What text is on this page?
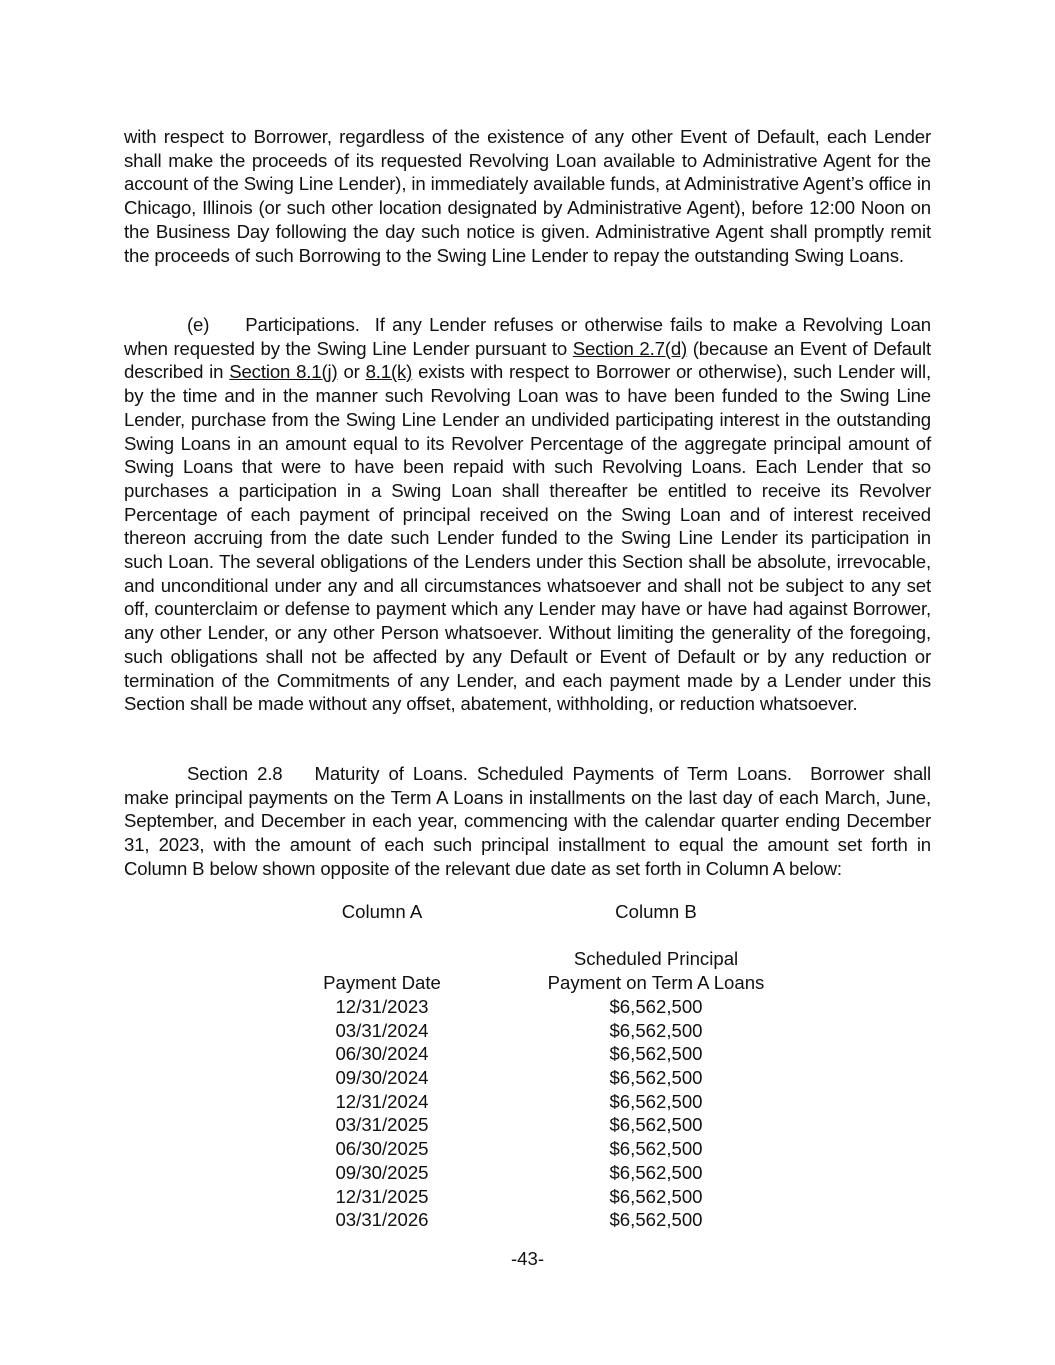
with respect to Borrower, regardless of the existence of any other Event of Default, each Lender shall make the proceeds of its requested Revolving Loan available to Administrative Agent for the account of the Swing Line Lender), in immediately available funds, at Administrative Agent’s office in Chicago, Illinois (or such other location designated by Administrative Agent), before 12:00 Noon on the Business Day following the day such notice is given. Administrative Agent shall promptly remit the proceeds of such Borrowing to the Swing Line Lender to repay the outstanding Swing Loans.
(e) Participations. If any Lender refuses or otherwise fails to make a Revolving Loan when requested by the Swing Line Lender pursuant to Section 2.7(d) (because an Event of Default described in Section 8.1(j) or 8.1(k) exists with respect to Borrower or otherwise), such Lender will, by the time and in the manner such Revolving Loan was to have been funded to the Swing Line Lender, purchase from the Swing Line Lender an undivided participating interest in the outstanding Swing Loans in an amount equal to its Revolver Percentage of the aggregate principal amount of Swing Loans that were to have been repaid with such Revolving Loans. Each Lender that so purchases a participation in a Swing Loan shall thereafter be entitled to receive its Revolver Percentage of each payment of principal received on the Swing Loan and of interest received thereon accruing from the date such Lender funded to the Swing Line Lender its participation in such Loan. The several obligations of the Lenders under this Section shall be absolute, irrevocable, and unconditional under any and all circumstances whatsoever and shall not be subject to any set off, counterclaim or defense to payment which any Lender may have or have had against Borrower, any other Lender, or any other Person whatsoever. Without limiting the generality of the foregoing, such obligations shall not be affected by any Default or Event of Default or by any reduction or termination of the Commitments of any Lender, and each payment made by a Lender under this Section shall be made without any offset, abatement, withholding, or reduction whatsoever.
Section 2.8 Maturity of Loans. Scheduled Payments of Term Loans. Borrower shall make principal payments on the Term A Loans in installments on the last day of each March, June, September, and December in each year, commencing with the calendar quarter ending December 31, 2023, with the amount of each such principal installment to equal the amount set forth in Column B below shown opposite of the relevant due date as set forth in Column A below:
Column A	Column B
Scheduled Principal
Payment Date	Payment on Term A Loans
12/31/2023	$6,562,500
03/31/2024	$6,562,500
06/30/2024	$6,562,500
09/30/2024	$6,562,500
12/31/2024	$6,562,500
03/31/2025	$6,562,500
06/30/2025	$6,562,500
09/30/2025	$6,562,500
12/31/2025	$6,562,500
03/31/2026	$6,562,500
-43-
